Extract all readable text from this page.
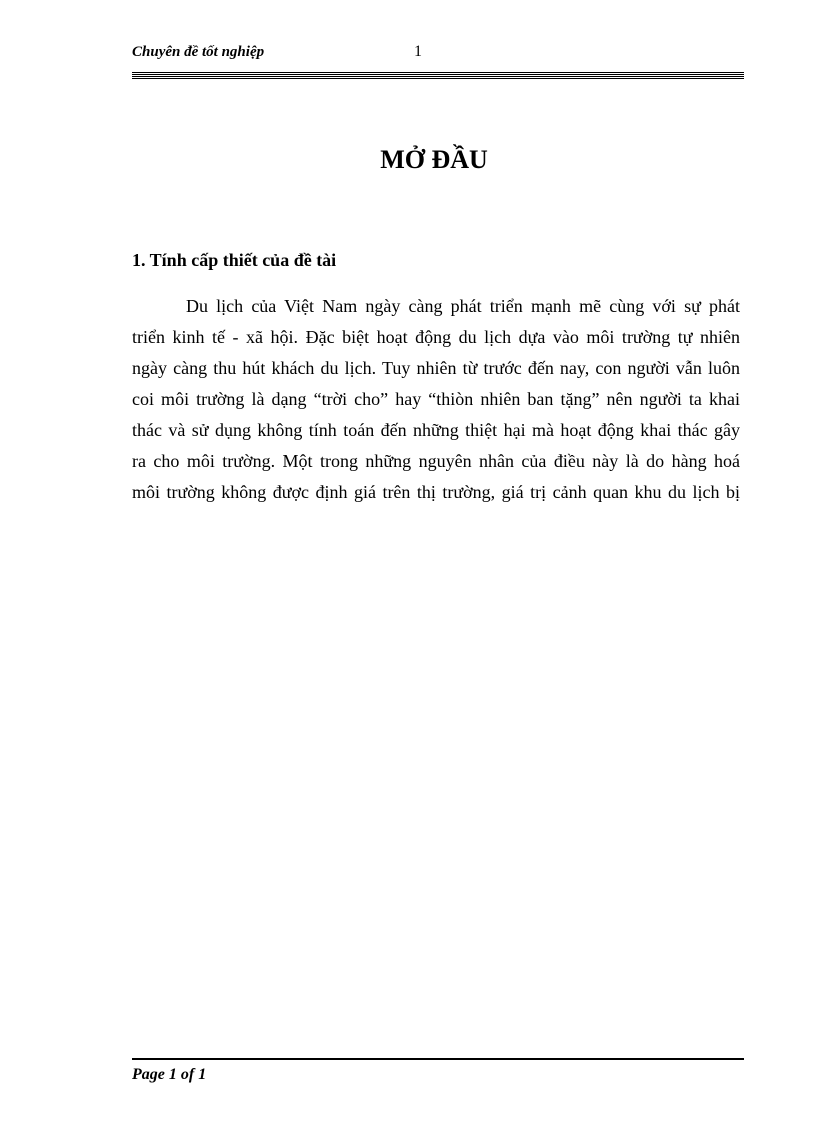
Chuyên đề tốt nghiệp	1
MỞ ĐẦU
1. Tính cấp thiết của đề tài
Du lịch của Việt Nam ngày càng phát triển mạnh mẽ cùng với sự phát
triển kinh tế - xã hội. Đặc biệt hoạt động du lịch dựa vào môi trường tự nhiên
ngày càng thu hút khách du lịch. Tuy nhiên từ trước đến nay, con người vẫn luôn
coi môi trường là dạng “trời cho” hay “thiòn nhiên ban tặng” nên người ta khai
thác và sử dụng không tính toán đến những thiệt hại mà hoạt động khai thác gây
ra cho môi trường. Một trong những nguyên nhân của điều này là do hàng hoá
môi trường không được định giá trên thị trường, giá trị cảnh quan khu du lịch bị
Page 1 of 1
